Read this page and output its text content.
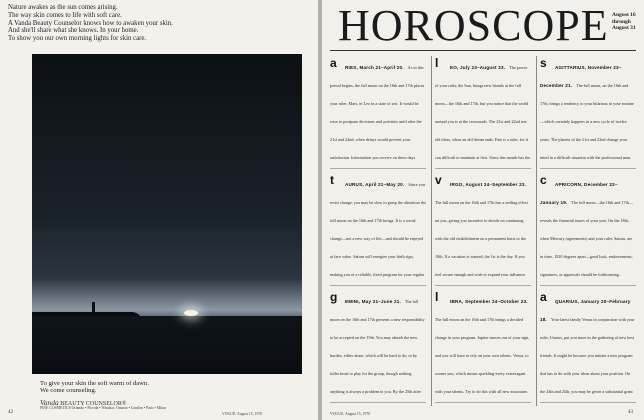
Nature awakes as the sun comes arising.
The way skin comes to life with soft care.
A Vanda Beauty Counselor knows how to awaken your skin.
And she'll share what she knows. In your home.
To show you our own morning lights for skin care.
To give your skin the soft warm of dawn.
We come counseling.
Vanda BEAUTY COUNSELOR®
FINE COSMETICS Orlando • Florida • Windsor, Ontario • London • Paris • Milan
42	VOGUE, August 15, 1970
HOROSCOPE August 16
through
August 31
a	RIES, March 21–April 20. As in this period begins, the full moon on the 16th and 17th places your ruler, Mars, in Leo in a state of test. It would be wise to postpone decisions and activities until after the 21st and 22nd, when delays would prevent your satisfaction. Information you receive on these days
t	AURUS, April 21–May 20. Since you resist change, you may be slow to grasp the alteration the full moon on the 16th and 17th brings. It is a social change—not a new way of life—and should be enjoyed at face value. Saturn will energize your birth sign, making you of a reliable, fixed program for your regular
g	EMINI, May 21–June 21. The full moon on the 16th and 17th presents a new responsibility to be accepted on the 19th. You may absorb the new burden, either alone, which will be hard to do, or by fuller heart to play for the group, though nothing anything is always a problem to you. By the 25th after
l	EO, July 23–August 23. The power of your ruler, the Sun, brings new friends at the full moon—the 16th and 17th, but you notice that the world around you is at the crossroads. The 21st and 22nd test old ideas, when an old dream ends. Fate is a ruler, for it can difficult to maintain at first. Since this month has the
v	IRGO, August 24–September 23. The full moon on the 16th and 17th has a settling effect on you, giving you incentive to decide on continuing with the old establishment on a permanent basis or the 18th. If a vacation is wanted, the 1st is the day. If you feel secure enough and wish to expand your influence
l	IBRA, September 24–October 23. The full moon on the 16th and 17th brings a decided change in your program. Jupiter moves out of your sign, and you will have to rely on your own talents. Venus, to sooner you, which means sparkling-every extravagant with your talents. Try to do this with all new associates
s	AGITTARIUS, November 23–December 21. The full moon, on the 16th and 17th, brings a tendency to your hilarious in your routine—which certainly happens in a new cycle of twelve years. The planets of the 21st and 22nd change your mind in a difficult situation with the professional man.
c	APRICORN, December 22–January 19. The full moon—the 16th and 17th—reveals the financial issues of your year. On the 18th, when Mercury (agreements) and your ruler, Saturn, are in trine, 1520 degrees apart—good luck, endorsements, signatures, or approvals should be forthcoming.
a	QUARIUS, January 20–February 18. Your latest family Venus in conjunction with your ruler, Uranus, put you more in the gathering of new best friends. It might be because you initiate a new program that has to do with your ideas about your position. On the 24th and 25th, you may be given a substantial grant
VOGUE, August 15, 1970	43
